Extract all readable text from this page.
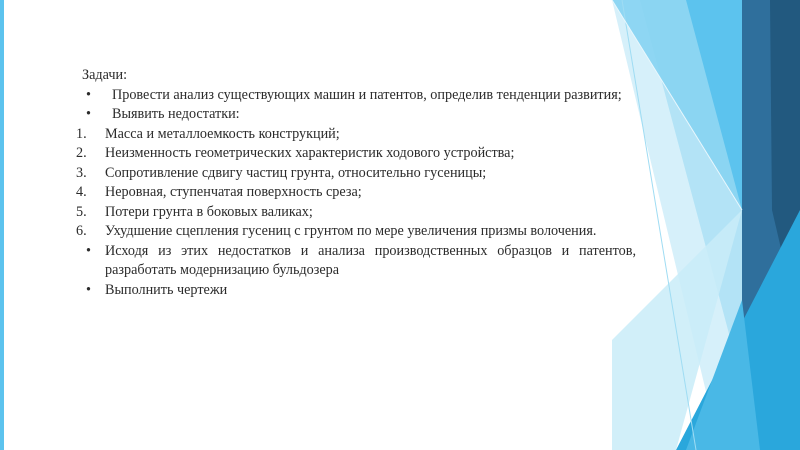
Задачи:
• Провести анализ существующих машин и патентов, определив тенденции развития;
• Выявить недостатки:
1. Масса и металлоемкость конструкций;
2. Неизменность геометрических характеристик ходового устройства;
3. Сопротивление сдвигу частиц грунта, относительно гусеницы;
4. Неровная, ступенчатая поверхность среза;
5. Потери грунта в боковых валиках;
6. Ухудшение сцепления гусениц с грунтом по мере увеличения призмы волочения.
• Исходя из этих недостатков и анализа производственных образцов и патентов, разработать модернизацию бульдозера
• Выполнить чертежи
